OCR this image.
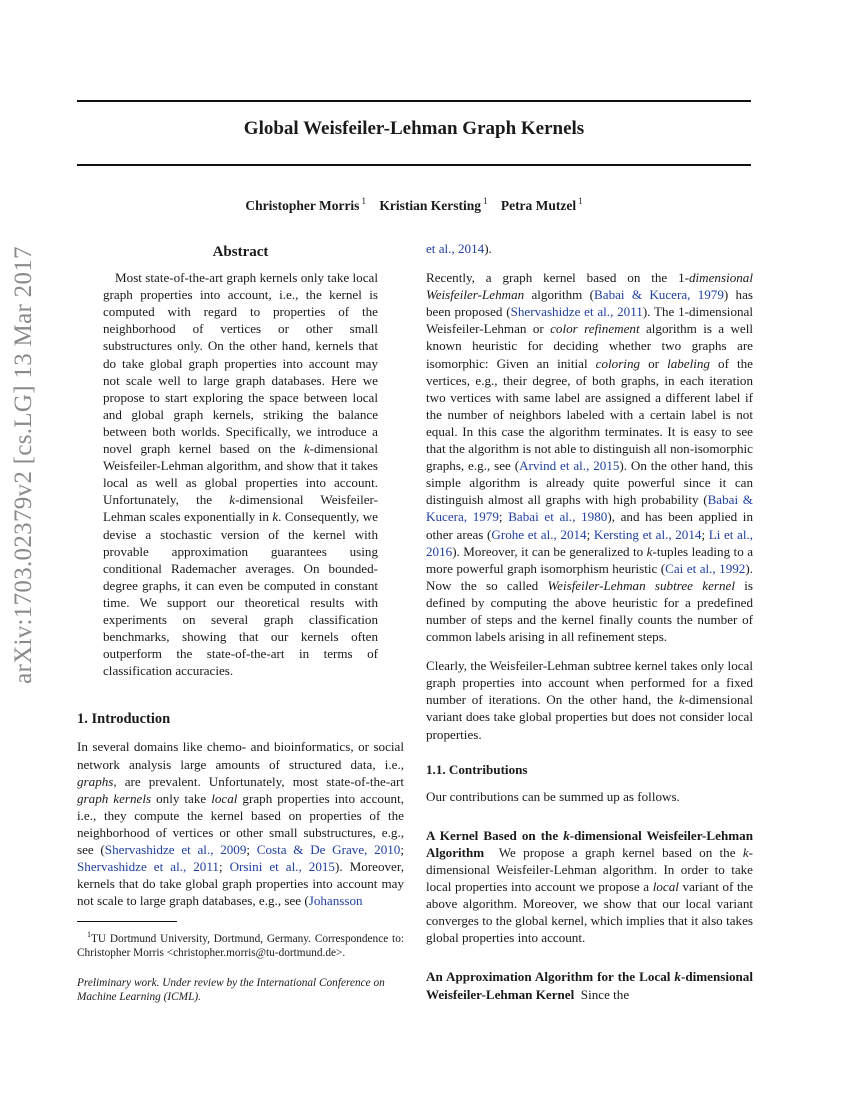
Global Weisfeiler-Lehman Graph Kernels
Christopher Morris $^1$ Kristian Kersting $^1$ Petra Mutzel $^1$
arXiv:1703.02379v2 [cs.LG] 13 Mar 2017	Abstract

Most state-of-the-art graph kernels only take local graph properties into account, i.e., the kernel is computed with regard to properties of the neighborhood of vertices or other small substructures only. On the other hand, kernels that do take global graph properties into account may not scale well to large graph databases. Here we propose to start exploring the space between local and global graph kernels, striking the balance between both worlds. Specifically, we introduce a novel graph kernel based on the k-dimensional Weisfeiler-Lehman algorithm, and show that it takes local as well as global properties into account. Unfortunately, the k-dimensional Weisfeiler-Lehman scales exponentially in k. Consequently, we devise a stochastic version of the kernel with provable approximation guarantees using conditional Rademacher averages. On bounded-degree graphs, it can even be computed in constant time. We support our theoretical results with experiments on several graph classification benchmarks, showing that our kernels often outperform the state-of-the-art in terms of classification accuracies.

1. Introduction

In several domains like chemo- and bioinformatics, or social network analysis large amounts of structured data, i.e., graphs, are prevalent. Unfortunately, most state-of-the-art graph kernels only take local graph properties into account, i.e., they compute the kernel based on properties of the neighborhood of vertices or other small substructures, e.g., see (Shervashidze et al., 2009; Costa & De Grave, 2010; Shervashidze et al., 2011; Orsini et al., 2015). Moreover, kernels that do take global graph properties into account may not scale to large graph databases, e.g., see (Johansson

$^1$TU Dortmund University, Dortmund, Germany. Correspondence to: Christopher Morris <christopher.morris@tu-dortmund.de>.

Preliminary work. Under review by the International Conference on Machine Learning (ICML).

et al., 2014).

Recently, a graph kernel based on the 1-dimensional Weisfeiler-Lehman algorithm (Babai & Kucera, 1979) has been proposed (Shervashidze et al., 2011). The 1-dimensional Weisfeiler-Lehman or color refinement algorithm is a well known heuristic for deciding whether two graphs are isomorphic: Given an initial coloring or labeling of the vertices, e.g., their degree, of both graphs, in each iteration two vertices with same label are assigned a different label if the number of neighbors labeled with a certain label is not equal. In this case the algorithm terminates. It is easy to see that the algorithm is not able to distinguish all non-isomorphic graphs, e.g., see (Arvind et al., 2015). On the other hand, this simple algorithm is already quite powerful since it can distinguish almost all graphs with high probability (Babai & Kucera, 1979; Babai et al., 1980), and has been applied in other areas (Grohe et al., 2014; Kersting et al., 2014; Li et al., 2016). Moreover, it can be generalized to k-tuples leading to a more powerful graph isomorphism heuristic (Cai et al., 1992). Now the so called Weisfeiler-Lehman subtree kernel is defined by computing the above heuristic for a predefined number of steps and the kernel finally counts the number of common labels arising in all refinement steps.

Clearly, the Weisfeiler-Lehman subtree kernel takes only local graph properties into account when performed for a fixed number of iterations. On the other hand, the k-dimensional variant does take global properties but does not consider local properties.

1.1. Contributions

Our contributions can be summed up as follows.

A Kernel Based on the k-dimensional Weisfeiler-Lehman Algorithm We propose a graph kernel based on the k-dimensional Weisfeiler-Lehman algorithm. In order to take local properties into account we propose a local variant of the above algorithm. Moreover, we show that our local variant converges to the global kernel, which implies that it also takes global properties into account.

An Approximation Algorithm for the Local k-dimensional Weisfeiler-Lehman Kernel Since the
